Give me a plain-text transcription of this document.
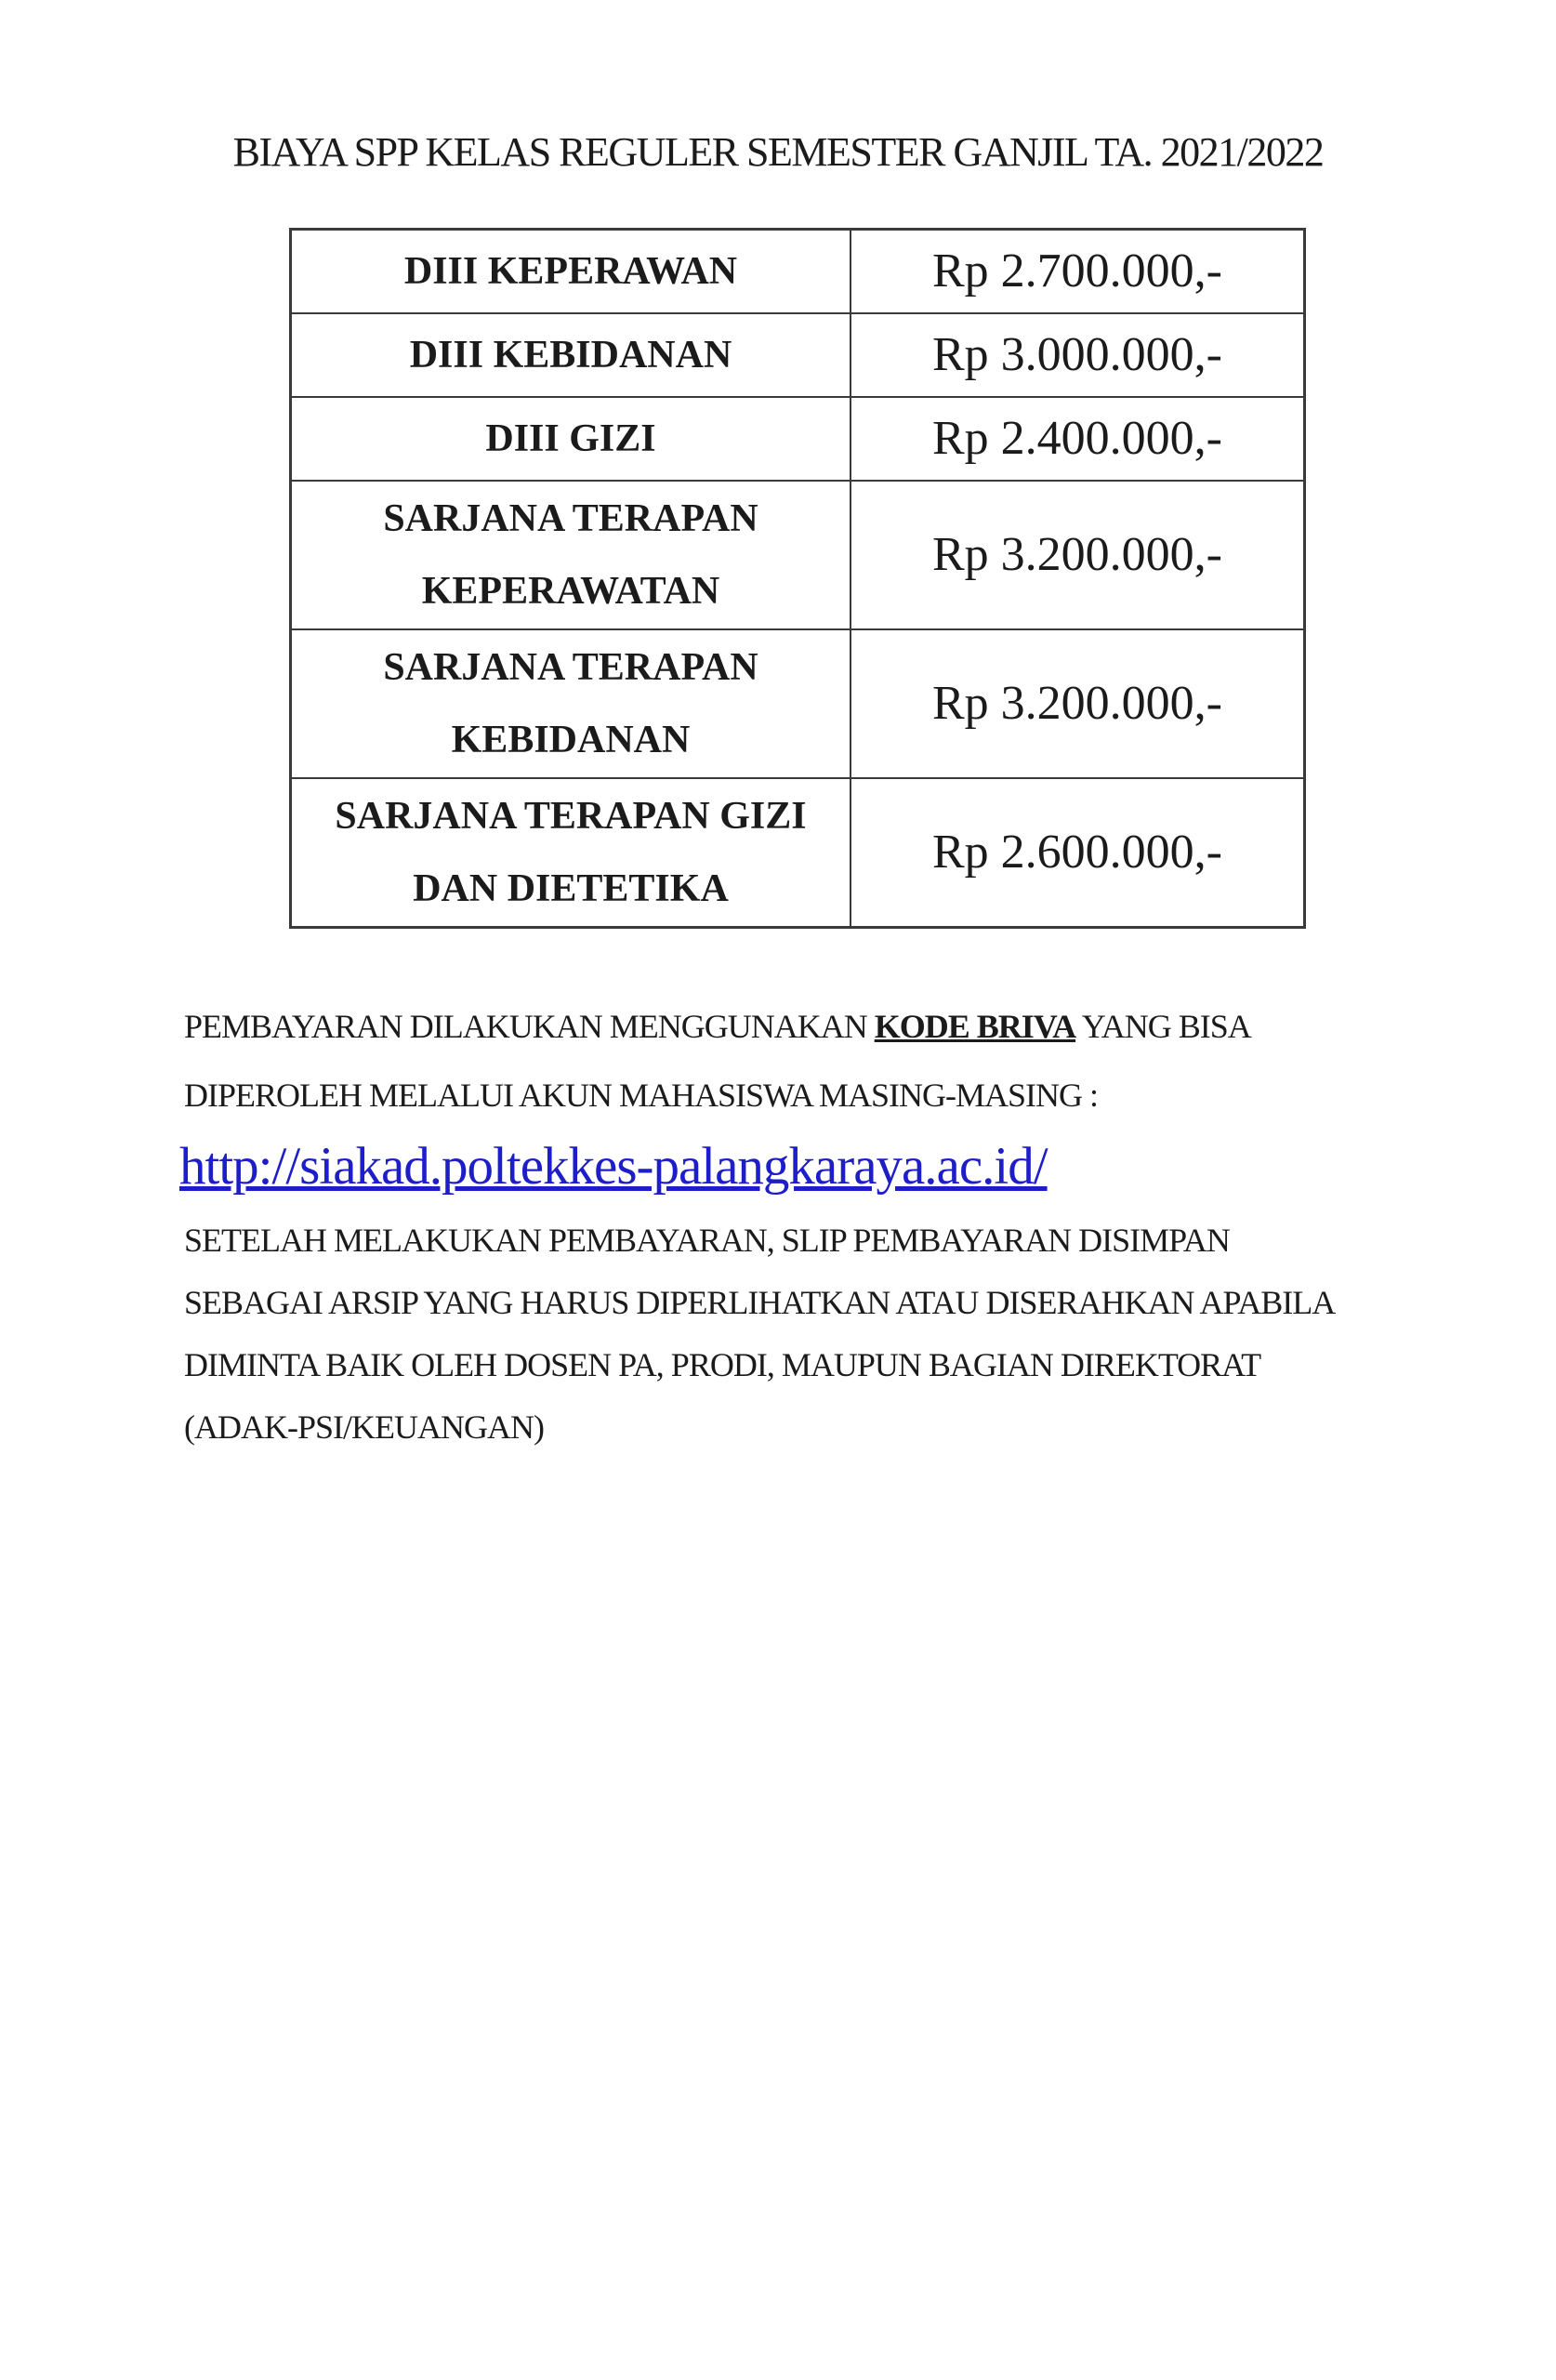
BIAYA SPP KELAS REGULER SEMESTER GANJIL TA. 2021/2022
DIII KEPERAWAN	Rp 2.700.000,-

DIII KEBIDANAN	Rp 3.000.000,-

DIII GIZI	Rp 2.400.000,-

SARJANA TERAPAN
KEPERAWATAN	Rp 3.200.000,-

SARJANA TERAPAN
KEBIDANAN	Rp 3.200.000,-

SARJANA TERAPAN GIZI
DAN DIETETIKA	Rp 2.600.000,-

PEMBAYARAN DILAKUKAN MENGGUNAKAN KODE BRIVA YANG BISA
DIPEROLEH MELALUI AKUN MAHASISWA MASING-MASING :

http://siakad.poltekkes-palangkaraya.ac.id/

SETELAH MELAKUKAN PEMBAYARAN, SLIP PEMBAYARAN DISIMPAN
SEBAGAI ARSIP YANG HARUS DIPERLIHATKAN ATAU DISERAHKAN APABILA
DIMINTA BAIK OLEH DOSEN PA, PRODI, MAUPUN BAGIAN DIREKTORAT
(ADAK-PSI/KEUANGAN)
